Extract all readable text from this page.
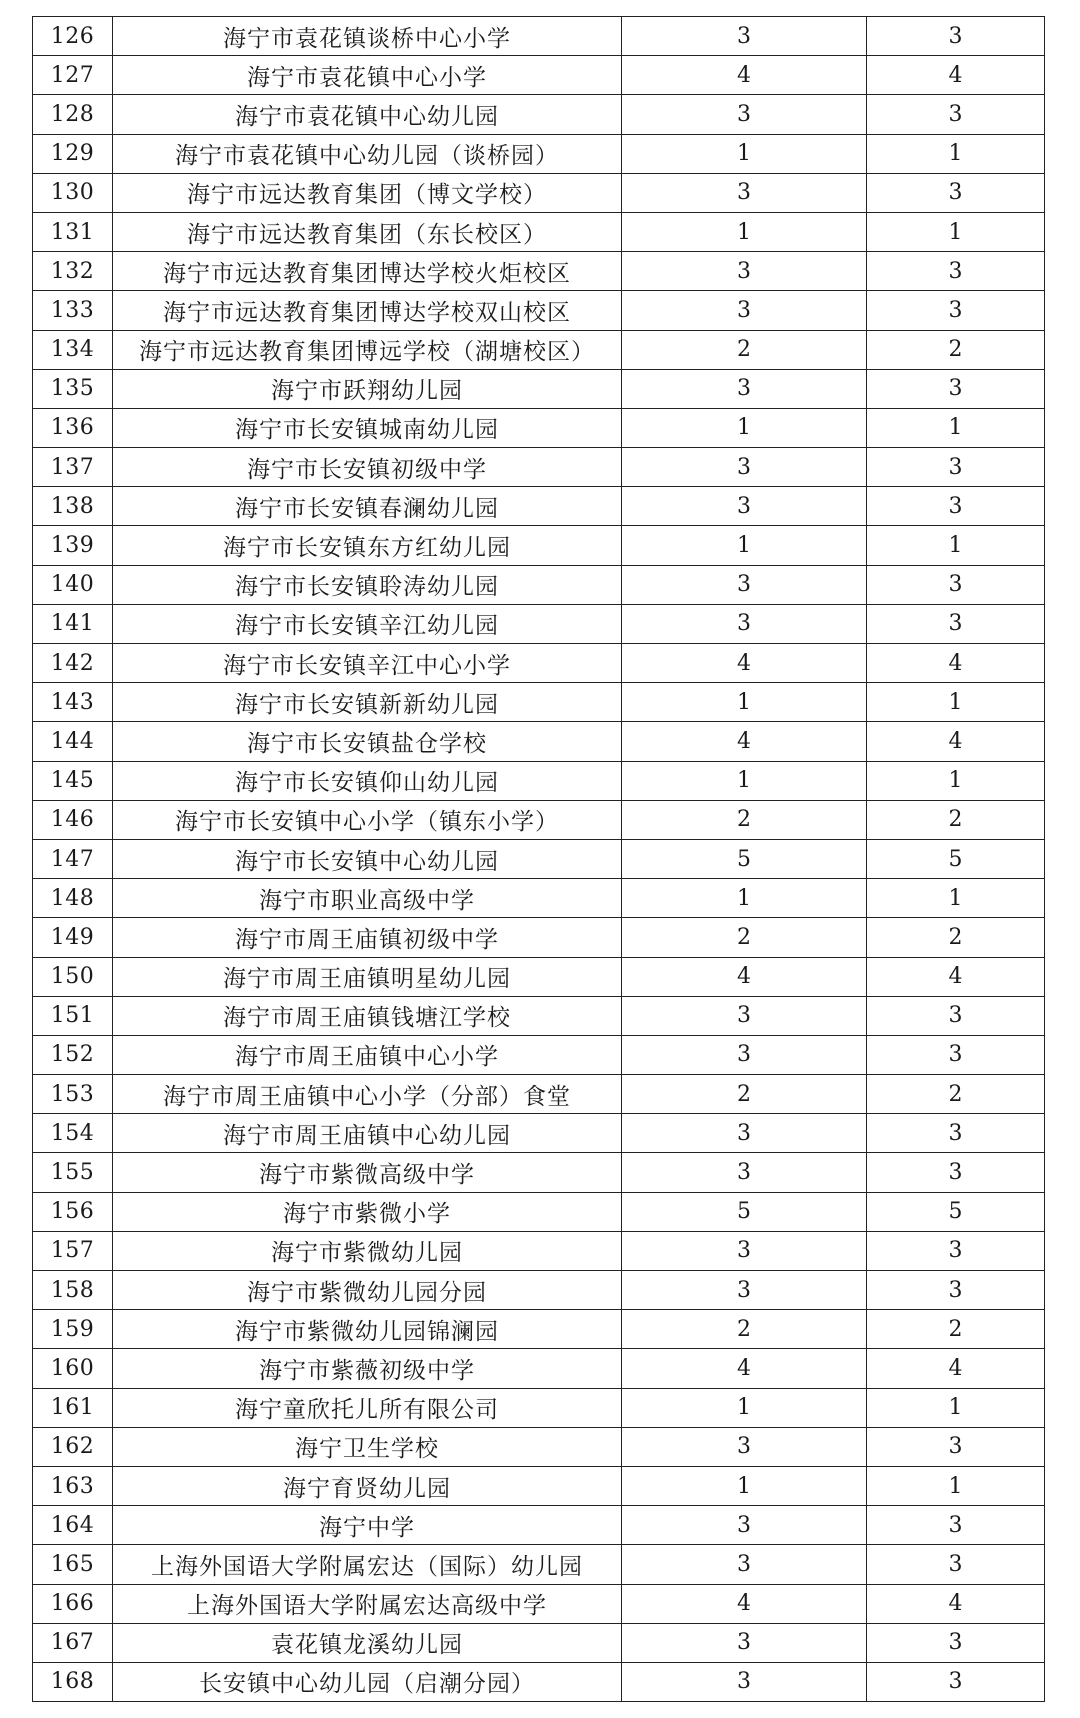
126	海宁市袁花镇谈桥中心小学	3	3
127	海宁市袁花镇中心小学	4	4
128	海宁市袁花镇中心幼儿园	3	3
129	海宁市袁花镇中心幼儿园（谈桥园）	1	1
130	海宁市远达教育集团（博文学校）	3	3
131	海宁市远达教育集团（东长校区）	1	1
132	海宁市远达教育集团博达学校火炬校区	3	3
133	海宁市远达教育集团博达学校双山校区	3	3
134	海宁市远达教育集团博远学校（湖塘校区）	2	2
135	海宁市跃翔幼儿园	3	3
136	海宁市长安镇城南幼儿园	1	1
137	海宁市长安镇初级中学	3	3
138	海宁市长安镇春澜幼儿园	3	3
139	海宁市长安镇东方红幼儿园	1	1
140	海宁市长安镇聆涛幼儿园	3	3
141	海宁市长安镇辛江幼儿园	3	3
142	海宁市长安镇辛江中心小学	4	4
143	海宁市长安镇新新幼儿园	1	1
144	海宁市长安镇盐仓学校	4	4
145	海宁市长安镇仰山幼儿园	1	1
146	海宁市长安镇中心小学（镇东小学）	2	2
147	海宁市长安镇中心幼儿园	5	5
148	海宁市职业高级中学	1	1
149	海宁市周王庙镇初级中学	2	2
150	海宁市周王庙镇明星幼儿园	4	4
151	海宁市周王庙镇钱塘江学校	3	3
152	海宁市周王庙镇中心小学	3	3
153	海宁市周王庙镇中心小学（分部）食堂	2	2
154	海宁市周王庙镇中心幼儿园	3	3
155	海宁市紫微高级中学	3	3
156	海宁市紫微小学	5	5
157	海宁市紫微幼儿园	3	3
158	海宁市紫微幼儿园分园	3	3
159	海宁市紫微幼儿园锦澜园	2	2
160	海宁市紫薇初级中学	4	4
161	海宁童欣托儿所有限公司	1	1
162	海宁卫生学校	3	3
163	海宁育贤幼儿园	1	1
164	海宁中学	3	3
165	上海外国语大学附属宏达（国际）幼儿园	3	3
166	上海外国语大学附属宏达高级中学	4	4
167	袁花镇龙溪幼儿园	3	3
168	长安镇中心幼儿园（启潮分园）	3	3
